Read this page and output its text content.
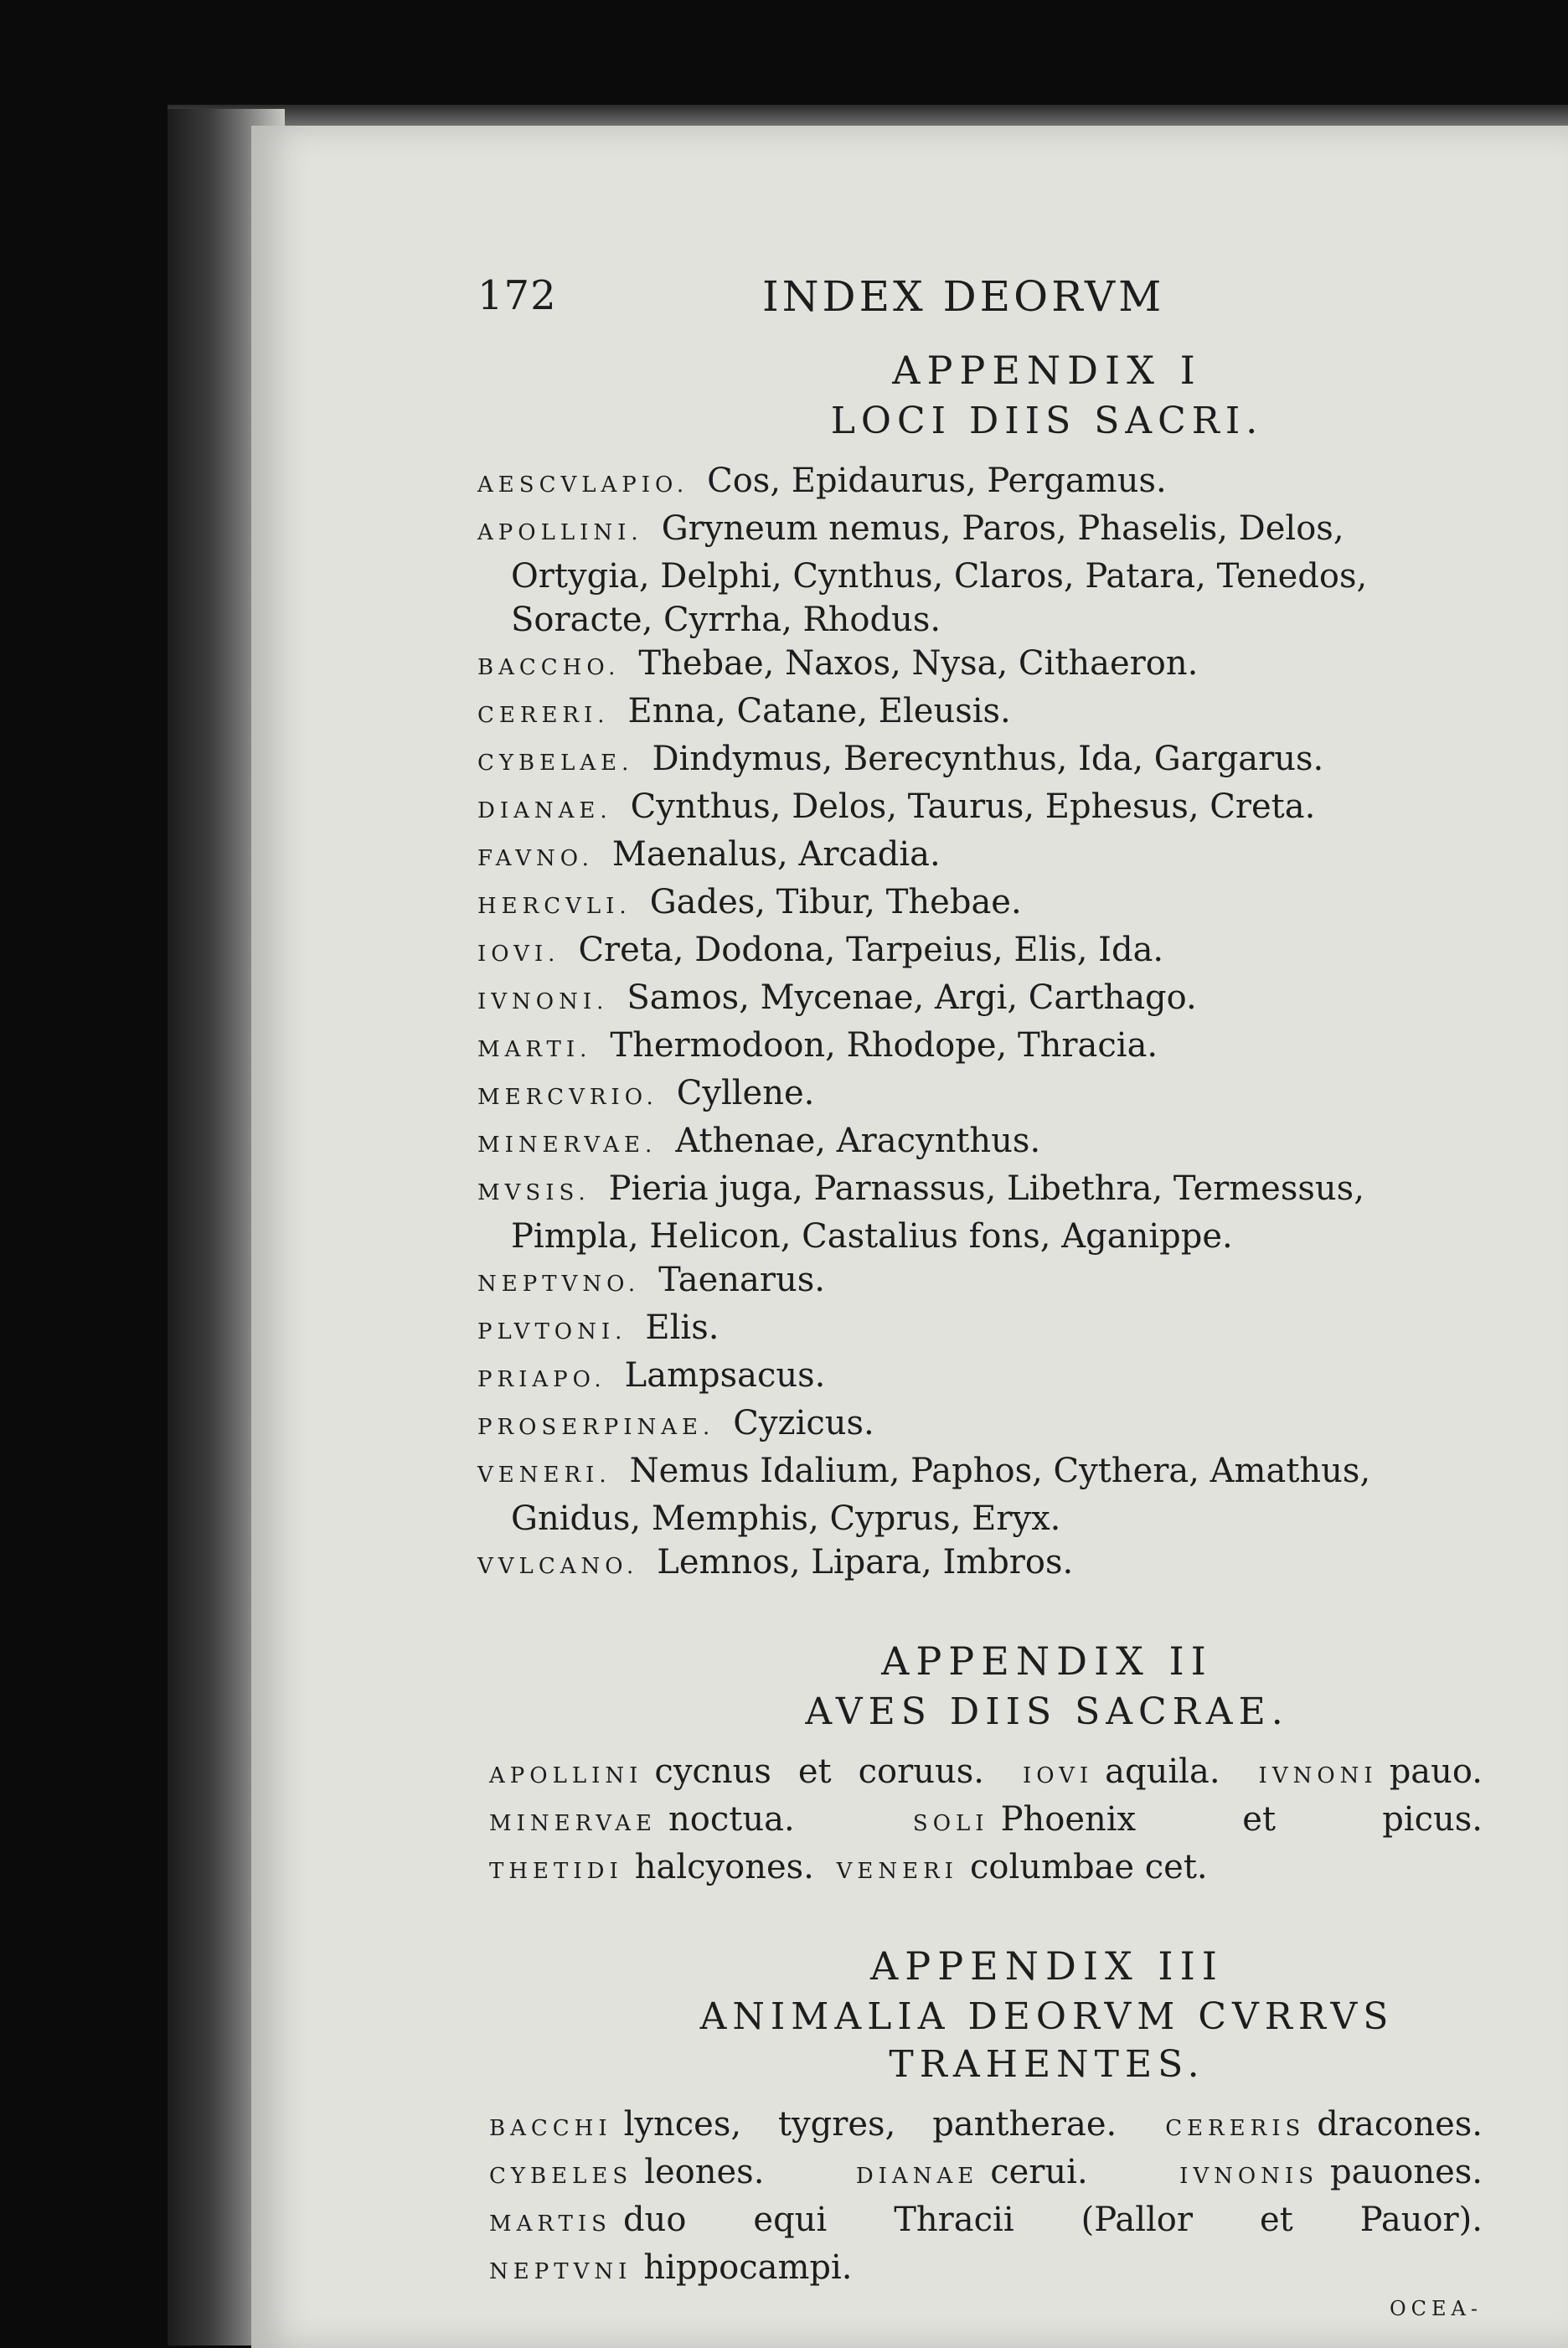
172	INDEX DEORVM
APPENDIX I
LOCI DIIS SACRI.

AESCVLAPIO. Cos, Epidaurus, Pergamus.

APOLLINI. Gryneum nemus, Paros, Phaselis, Delos, Ortygia, Delphi, Cynthus, Claros, Patara, Tenedos, Soracte, Cyrrha, Rhodus.

BACCHO. Thebae, Naxos, Nysa, Cithaeron.

CERERI. Enna, Catane, Eleusis.

CYBELAE. Dindymus, Berecynthus, Ida, Gargarus.

DIANAE. Cynthus, Delos, Taurus, Ephesus, Creta.

FAVNO. Maenalus, Arcadia.

HERCVLI. Gades, Tibur, Thebae.

IOVI. Creta, Dodona, Tarpeius, Elis, Ida.

IVNONI. Samos, Mycenae, Argi, Carthago.

MARTI. Thermodoon, Rhodope, Thracia.

MERCVRIO. Cyllene.

MINERVAE. Athenae, Aracynthus.

MVSIS. Pieria juga, Parnassus, Libethra, Termessus, Pimpla, Helicon, Castalius fons, Aganippe.

NEPTVNO. Taenarus.

PLVTONI. Elis.

PRIAPO. Lampsacus.

PROSERPINAE. Cyzicus.

VENERI. Nemus Idalium, Paphos, Cythera, Amathus, Gnidus, Memphis, Cyprus, Eryx.

VVLCANO. Lemnos, Lipara, Imbros.

APPENDIX II
AVES DIIS SACRAE.
APOLLINI cycnus et coruus. IOVI aquila. IVNONI pauo. MINERVAE noctua.	SOLI Phoenix et picus. THETIDI halcyones. VENERI columbae cet.
APPENDIX III
ANIMALIA DEORVM CVRRVS
TRAHENTES.
BACCHI lynces, tygres, pantherae. CERERIS dracones. CYBELES leones.	DIANAE cerui.	IVNONIS pauones. MARTIS duo equi Thracii (Pallor et Pauor). NEPTVNI hippocampi.
OCEA-
